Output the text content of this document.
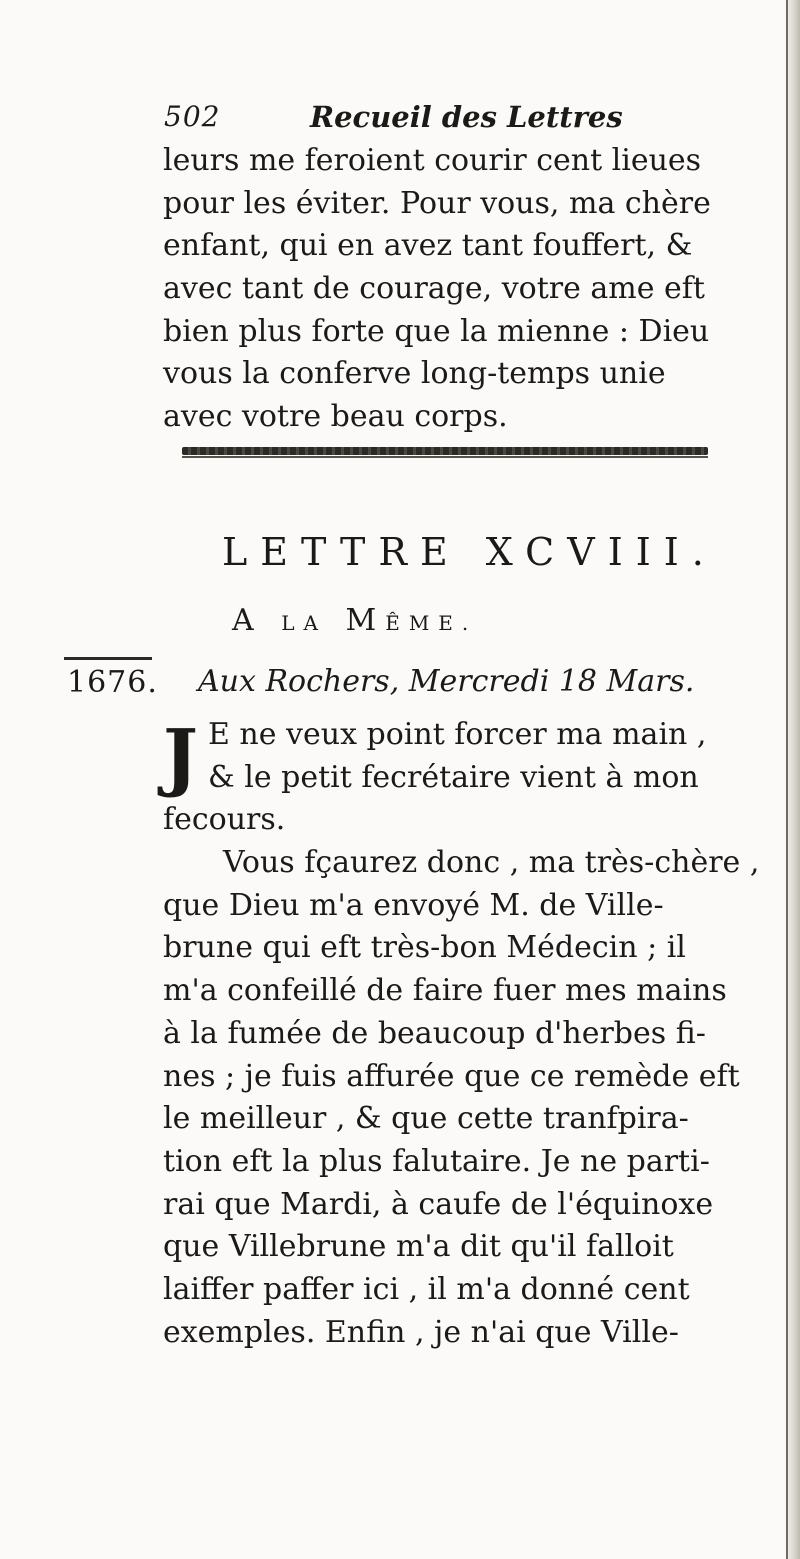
502	Recueil des Lettres
leurs me feroient courir cent lieues
pour les éviter. Pour vous, ma chère
enfant, qui en avez tant fouffert, &
avec tant de courage, votre ame eft
bien plus forte que la mienne : Dieu
vous la conferve long-temps unie
avec votre beau corps.
LETTRE XCVIII.
A LA MÊME.
1676. Aux Rochers, Mercredi 18 Mars.
J E ne veux point forcer ma main ,
& le petit fecrétaire vient à mon
fecours.
Vous fçaurez donc , ma très-chère ,
que Dieu m'a envoyé M. de Ville-
brune qui eft très-bon Médecin ; il
m'a confeillé de faire fuer mes mains
à la fumée de beaucoup d'herbes fi-
nes ; je fuis affurée que ce remède eft
le meilleur , & que cette tranfpira-
tion eft la plus falutaire. Je ne parti-
rai que Mardi, à caufe de l'équinoxe
que Villebrune m'a dit qu'il falloit
laiffer paffer ici , il m'a donné cent
exemples. Enfin , je n'ai que Ville-
